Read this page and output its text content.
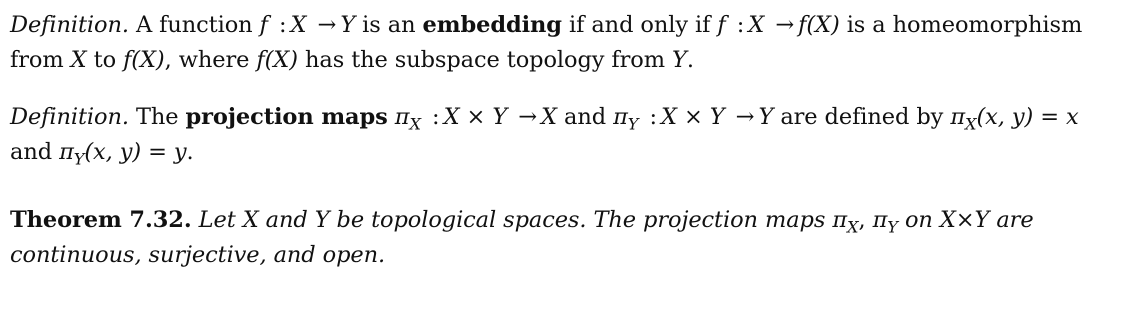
Definition. A function f : X → Y is an embedding if and only if f : X → f(X) is a homeomorphism from X to f(X), where f(X) has the subspace topology from Y.

Definition. The projection maps $\pi_X$ : X × Y → X and $\pi_Y$ : X × Y → Y are defined by $\pi_X(x$, y) = x and $\pi_Y(x$, y) = y.

Theorem 7.32. Let X and Y be topological spaces. The projection maps $\pi_X$, $\pi_Y$ on X×Y are continuous, surjective, and open.
